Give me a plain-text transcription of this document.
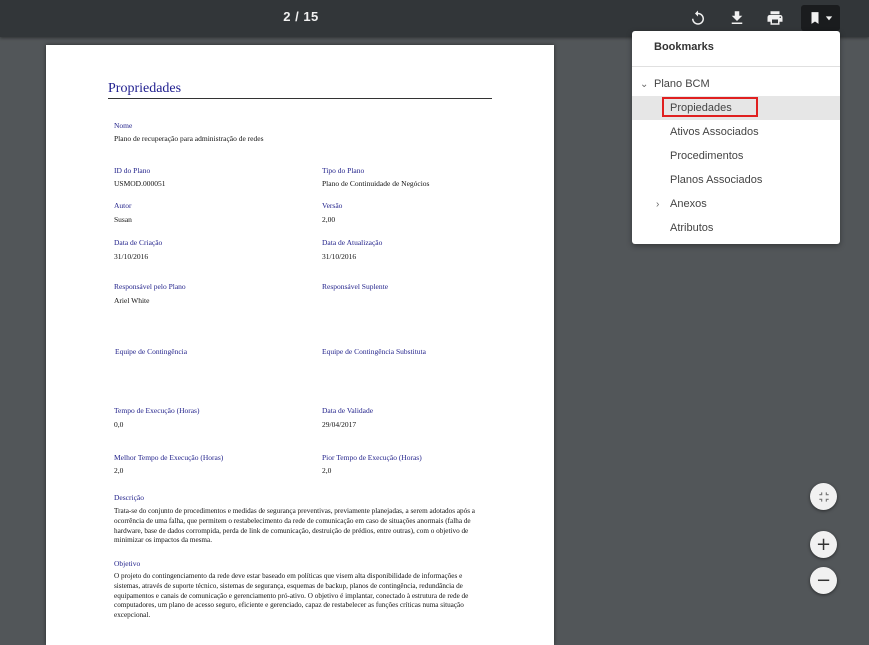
2 / 15
Propriedades
Nome
Plano de recuperação para administração de redes
ID do Plano
USMOD.000051
Tipo do Plano
Plano de Continuidade de Negócios
Autor
Susan
Versão
2,00
Data de Criação
31/10/2016
Data de Atualização
31/10/2016
Responsável pelo Plano
Ariel White
Responsável Suplente
Equipe de Contingência	Equipe de Contingência Substituta
Tempo de Execução (Horas)
0,0
Data de Validade
29/04/2017
Melhor Tempo de Execução (Horas)
2,0
Pior Tempo de Execução (Horas)
2,0
Descrição
Trata-se do conjunto de procedimentos e medidas de segurança preventivas, previamente planejadas, a serem adotados após a ocorrência de uma falha, que permitem o restabelecimento da rede de comunicação em caso de situações anormais (falha de hardware, base de dados corrompida, perda de link de comunicação, destruição de prédios, entre outras), com o objetivo de minimizar os impactos da mesma.
Objetivo
O projeto do contingenciamento da rede deve estar baseado em políticas que visem alta disponibilidade de informações e sistemas, através de suporte técnico, sistemas de segurança, esquemas de backup, planos de contingência, redundância de equipamentos e canais de comunicação e gerenciamento pró-ativo. O objetivo é implantar, conectado à estrutura de rede de computadores, um plano de acesso seguro, eficiente e gerenciado, capaz de restabelecer as funções críticas numa situação excepcional.
Bookmarks
⌄ Plano BCM
Propiedades
Ativos Associados
Procedimentos
Planos Associados
› Anexos
Atributos
+
−
